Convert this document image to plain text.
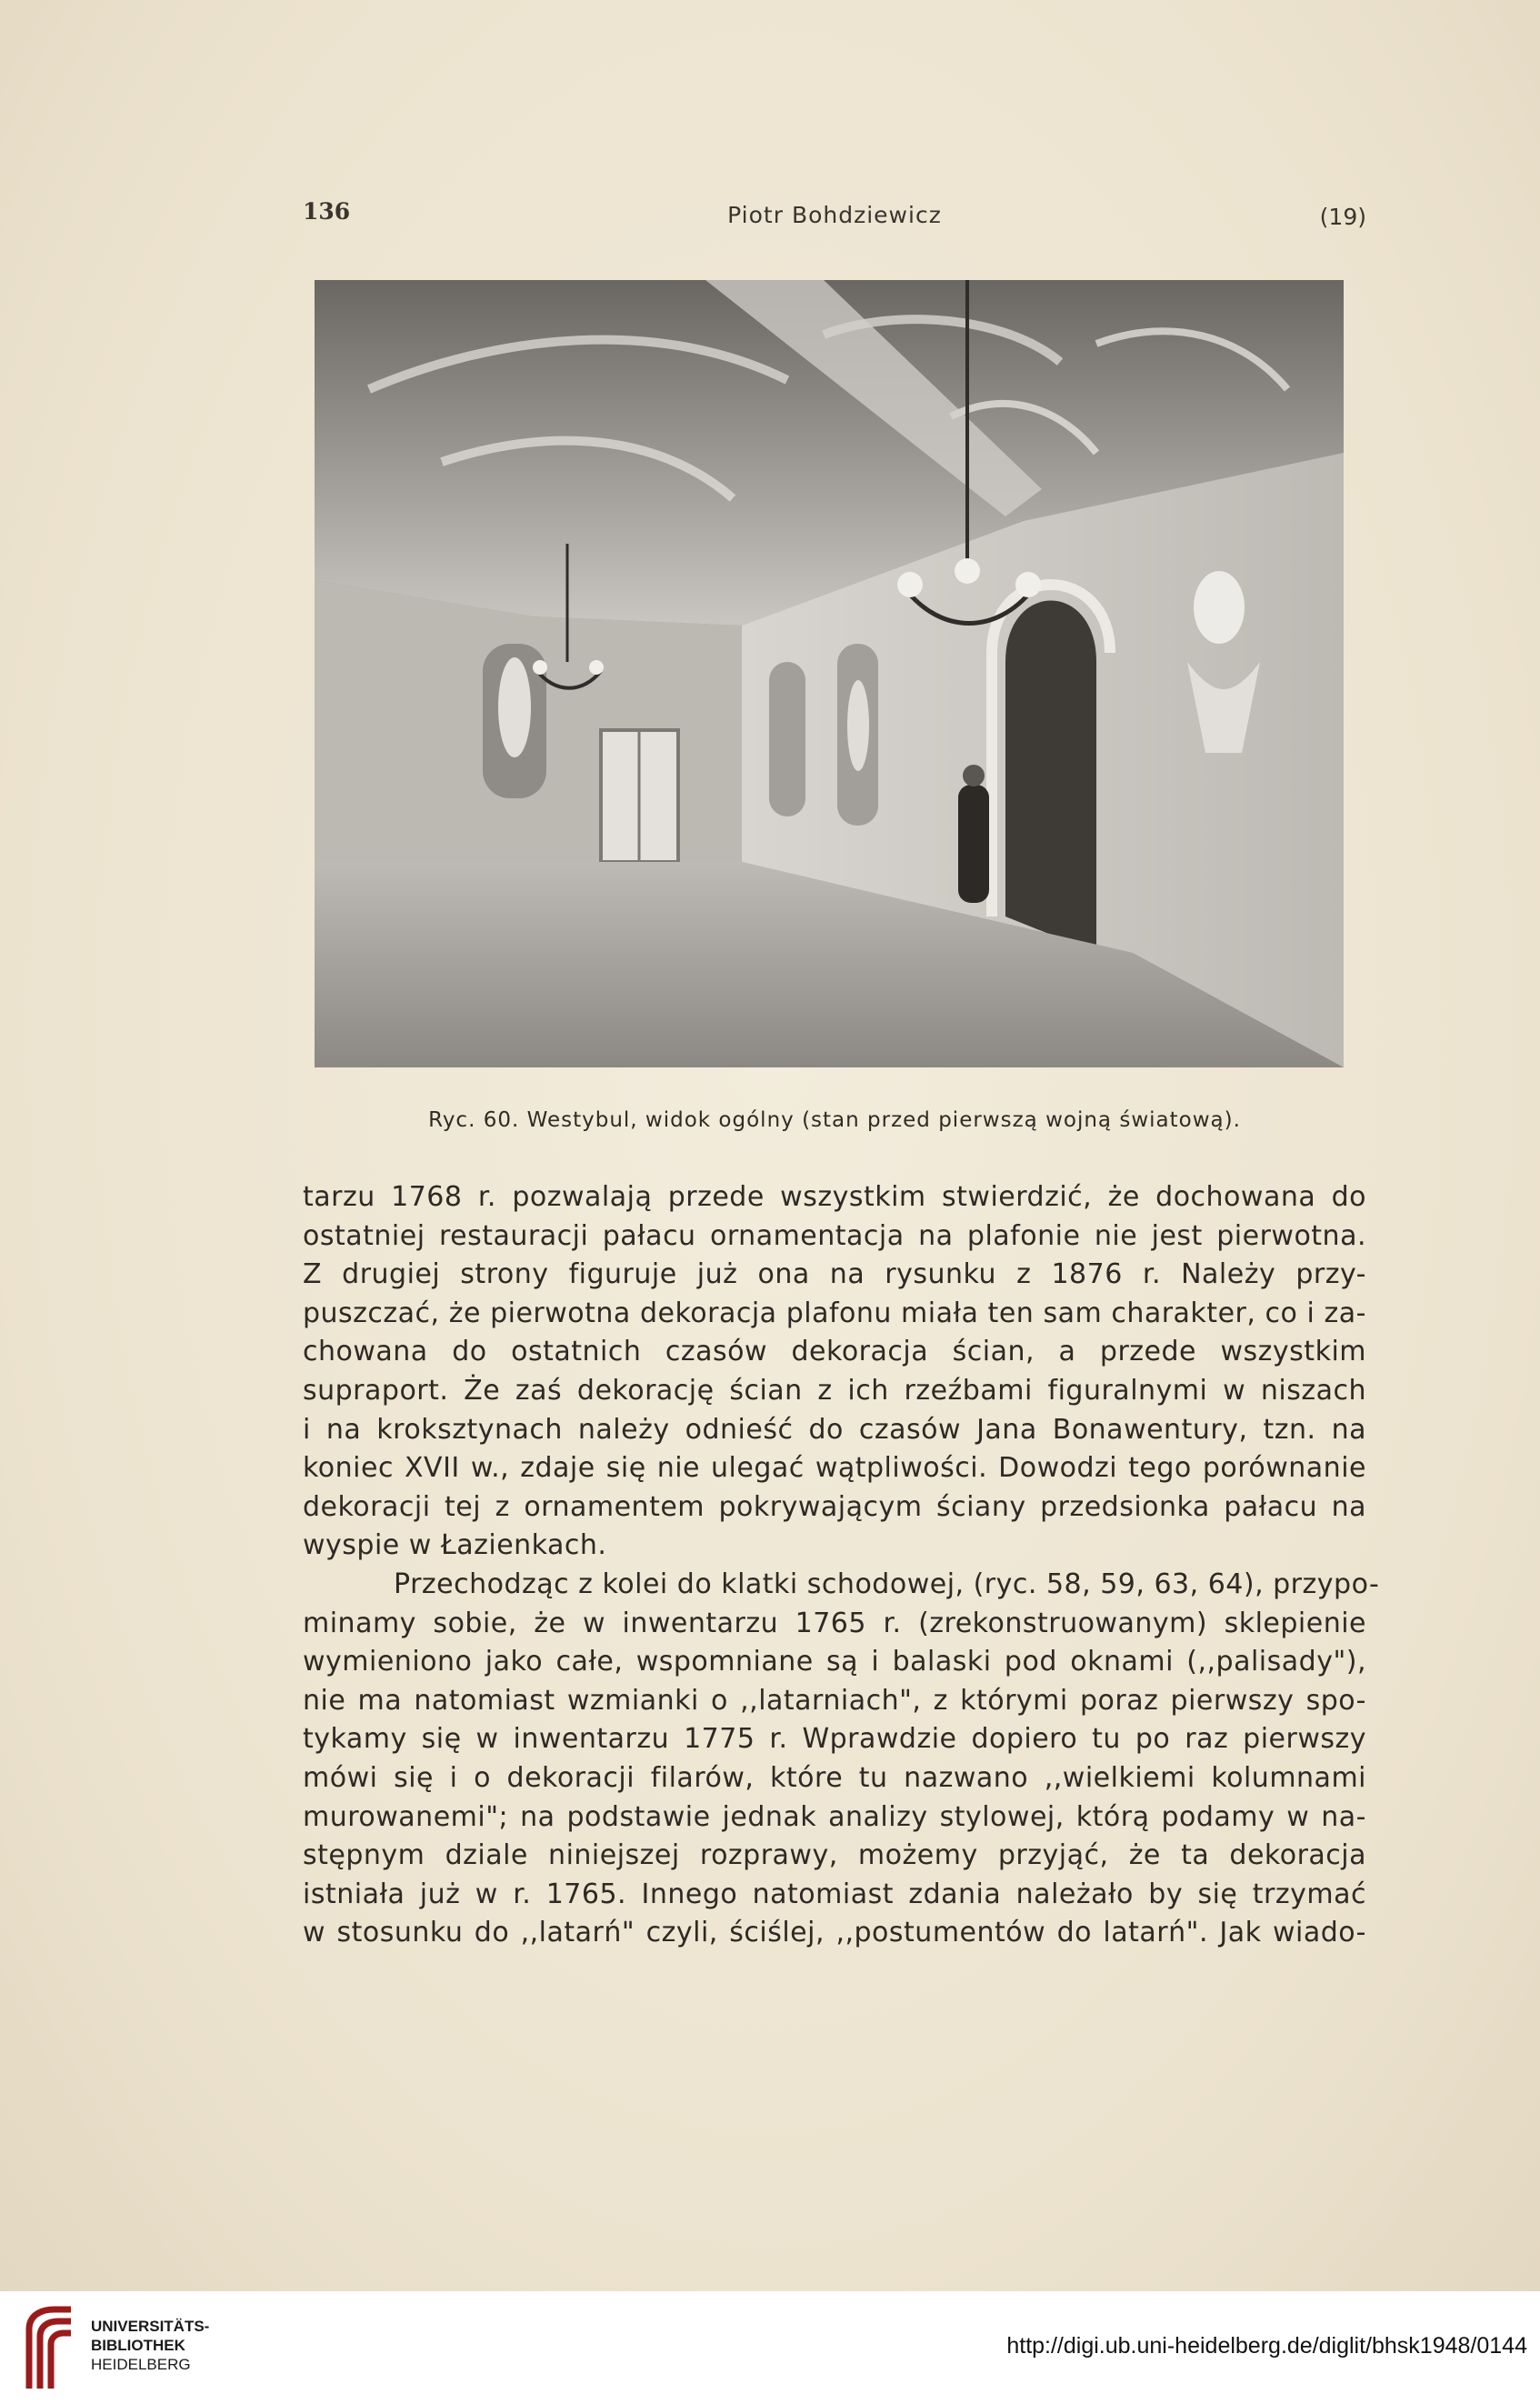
136	Piotr Bohdziewicz	(19)
Ryc. 60. Westybul, widok ogólny (stan przed pierwszą wojną światową).
tarzu 1768 r. pozwalają przede wszystkim stwierdzić, że dochowana do
ostatniej restauracji pałacu ornamentacja na plafonie nie jest pierwotna.
Z drugiej strony figuruje już ona na rysunku z 1876 r. Należy przy-
puszczać, że pierwotna dekoracja plafonu miała ten sam charakter, co i za-
chowana do ostatnich czasów dekoracja ścian, a przede wszystkim
supraport. Że zaś dekorację ścian z ich rzeźbami figuralnymi w niszach
i na kroksztynach należy odnieść do czasów Jana Bonawentury, tzn. na
koniec XVII w., zdaje się nie ulegać wątpliwości. Dowodzi tego porównanie
dekoracji tej z ornamentem pokrywającym ściany przedsionka pałacu na
wyspie w Łazienkach.
Przechodząc z kolei do klatki schodowej, (ryc. 58, 59, 63, 64), przypo-
minamy sobie, że w inwentarzu 1765 r. (zrekonstruowanym) sklepienie
wymieniono jako całe, wspomniane są i balaski pod oknami (,,palisady"),
nie ma natomiast wzmianki o ,,latarniach", z którymi poraz pierwszy spo-
tykamy się w inwentarzu 1775 r. Wprawdzie dopiero tu po raz pierwszy
mówi się i o dekoracji filarów, które tu nazwano ,,wielkiemi kolumnami
murowanemi"; na podstawie jednak analizy stylowej, którą podamy w na-
stępnym dziale niniejszej rozprawy, możemy przyjąć, że ta dekoracja
istniała już w r. 1765. Innego natomiast zdania należało by się trzymać
w stosunku do ,,latarń" czyli, ściślej, ,,postumentów do latarń". Jak wiado-
UNIVERSITÄTS-
BIBLIOTHEK
HEIDELBERG
http://digi.ub.uni-heidelberg.de/diglit/bhsk1948/0144
